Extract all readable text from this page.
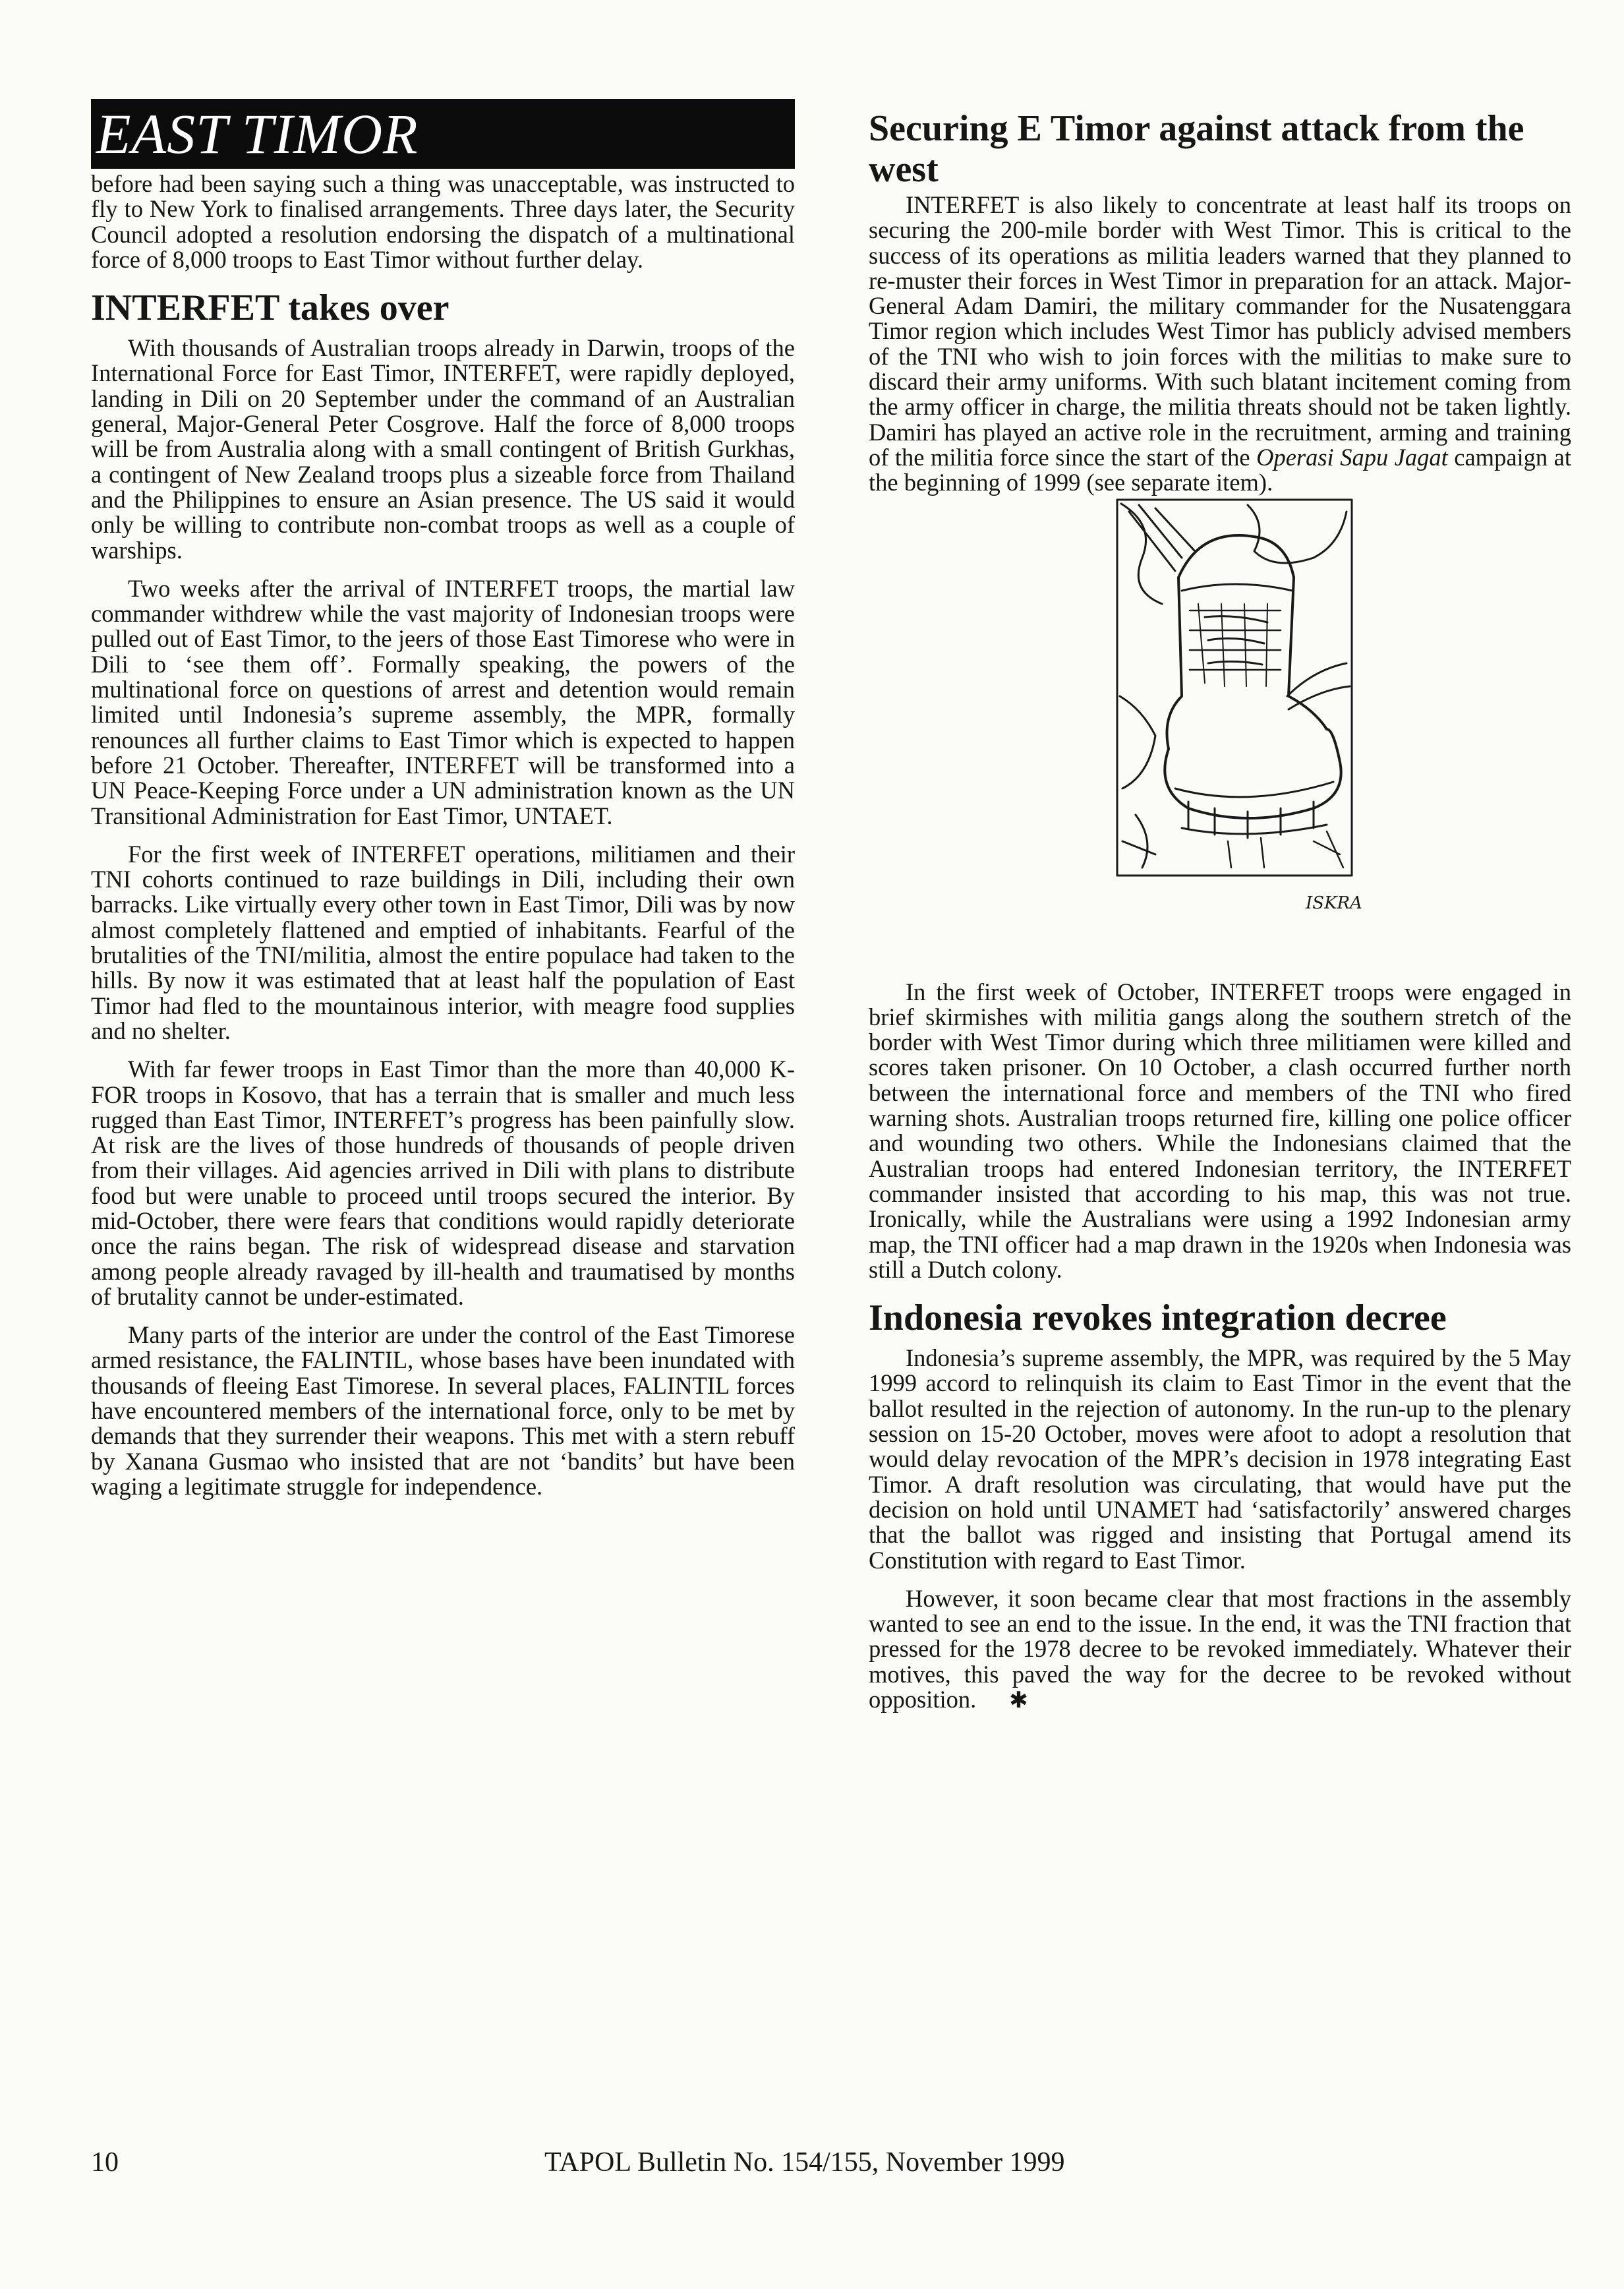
EAST TIMOR

before had been saying such a thing was unacceptable, was instructed to fly to New York to finalised arrangements. Three days later, the Security Council adopted a resolution endorsing the dispatch of a multinational force of 8,000 troops to East Timor without further delay.

INTERFET takes over

With thousands of Australian troops already in Darwin, troops of the International Force for East Timor, INTERFET, were rapidly deployed, landing in Dili on 20 September under the command of an Australian general, Major-General Peter Cosgrove. Half the force of 8,000 troops will be from Australia along with a small contingent of British Gurkhas, a contingent of New Zealand troops plus a sizeable force from Thailand and the Philippines to ensure an Asian presence. The US said it would only be willing to contribute non-combat troops as well as a couple of warships.

Two weeks after the arrival of INTERFET troops, the martial law commander withdrew while the vast majority of Indonesian troops were pulled out of East Timor, to the jeers of those East Timorese who were in Dili to ‘see them off’. Formally speaking, the powers of the multinational force on questions of arrest and detention would remain limited until Indonesia’s supreme assembly, the MPR, formally renounces all further claims to East Timor which is expected to happen before 21 October. Thereafter, INTERFET will be transformed into a UN Peace-Keeping Force under a UN administration known as the UN Transitional Administration for East Timor, UNTAET.

For the first week of INTERFET operations, militiamen and their TNI cohorts continued to raze buildings in Dili, including their own barracks. Like virtually every other town in East Timor, Dili was by now almost completely flattened and emptied of inhabitants. Fearful of the brutalities of the TNI/militia, almost the entire populace had taken to the hills. By now it was estimated that at least half the population of East Timor had fled to the mountainous interior, with meagre food supplies and no shelter.

With far fewer troops in East Timor than the more than 40,000 K-FOR troops in Kosovo, that has a terrain that is smaller and much less rugged than East Timor, INTERFET’s progress has been painfully slow. At risk are the lives of those hundreds of thousands of people driven from their villages. Aid agencies arrived in Dili with plans to distribute food but were unable to proceed until troops secured the interior. By mid-October, there were fears that conditions would rapidly deteriorate once the rains began. The risk of widespread disease and starvation among people already ravaged by ill-health and traumatised by months of brutality cannot be under-estimated.

Many parts of the interior are under the control of the East Timorese armed resistance, the FALINTIL, whose bases have been inundated with thousands of fleeing East Timorese. In several places, FALINTIL forces have encountered members of the international force, only to be met by demands that they surrender their weapons. This met with a stern rebuff by Xanana Gusmao who insisted that are not ‘bandits’ but have been waging a legitimate struggle for independence.

Securing E Timor against attack from the west

INTERFET is also likely to concentrate at least half its troops on securing the 200-mile border with West Timor. This is critical to the success of its operations as militia leaders warned that they planned to re-muster their forces in West Timor in preparation for an attack. Major-General Adam Damiri, the military commander for the Nusatenggara Timor region which includes West Timor has publicly advised members of the TNI who wish to join forces with the militias to make sure to discard their army uniforms. With such blatant incitement coming from the army officer in charge, the militia threats should not be taken lightly. Damiri has played an active role in the recruitment, arming and training of the militia force since the start of the Operasi Sapu Jagat campaign at the beginning of 1999 (see separate item).

ISKRA

In the first week of October, INTERFET troops were engaged in brief skirmishes with militia gangs along the southern stretch of the border with West Timor during which three militiamen were killed and scores taken prisoner. On 10 October, a clash occurred further north between the international force and members of the TNI who fired warning shots. Australian troops returned fire, killing one police officer and wounding two others. While the Indonesians claimed that the Australian troops had entered Indonesian territory, the INTERFET commander insisted that according to his map, this was not true. Ironically, while the Australians were using a 1992 Indonesian army map, the TNI officer had a map drawn in the 1920s when Indonesia was still a Dutch colony.

Indonesia revokes integration decree

Indonesia’s supreme assembly, the MPR, was required by the 5 May 1999 accord to relinquish its claim to East Timor in the event that the ballot resulted in the rejection of autonomy. In the run-up to the plenary session on 15-20 October, moves were afoot to adopt a resolution that would delay revocation of the MPR’s decision in 1978 integrating East Timor. A draft resolution was circulating, that would have put the decision on hold until UNAMET had ‘satisfactorily’ answered charges that the ballot was rigged and insisting that Portugal amend its Constitution with regard to East Timor.

However, it soon became clear that most fractions in the assembly wanted to see an end to the issue. In the end, it was the TNI fraction that pressed for the 1978 decree to be revoked immediately. Whatever their motives, this paved the way for the decree to be revoked without opposition. ✱

10	TAPOL Bulletin No. 154/155, November 1999
